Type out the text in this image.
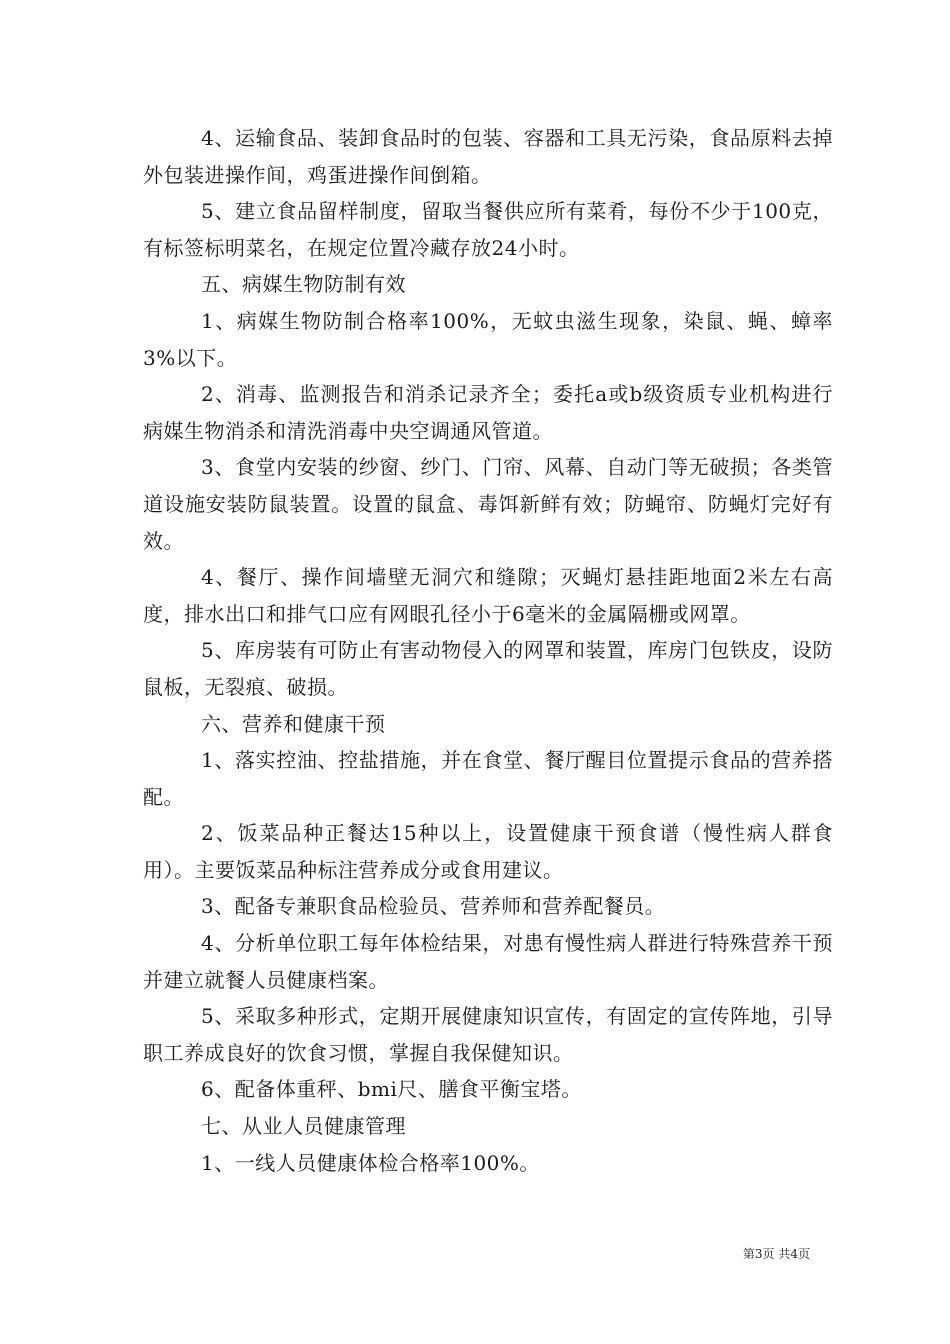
4、运输食品、装卸食品时的包装、容器和工具无污染，食品原料去掉外包装进操作间，鸡蛋进操作间倒箱。

5、建立食品留样制度，留取当餐供应所有菜肴，每份不少于100克，有标签标明菜名，在规定位置冷藏存放24小时。

五、病媒生物防制有效

1、病媒生物防制合格率100%，无蚊虫滋生现象，染鼠、蝇、蟑率3%以下。

2、消毒、监测报告和消杀记录齐全；委托a或b级资质专业机构进行病媒生物消杀和清洗消毒中央空调通风管道。

3、食堂内安装的纱窗、纱门、门帘、风幕、自动门等无破损；各类管道设施安装防鼠装置。设置的鼠盒、毒饵新鲜有效；防蝇帘、防蝇灯完好有效。

4、餐厅、操作间墙壁无洞穴和缝隙；灭蝇灯悬挂距地面2米左右高度，排水出口和排气口应有网眼孔径小于6毫米的金属隔栅或网罩。

5、库房装有可防止有害动物侵入的网罩和装置，库房门包铁皮，设防鼠板，无裂痕、破损。

六、营养和健康干预

1、落实控油、控盐措施，并在食堂、餐厅醒目位置提示食品的营养搭配。

2、饭菜品种正餐达15种以上，设置健康干预食谱（慢性病人群食用）。主要饭菜品种标注营养成分或食用建议。

3、配备专兼职食品检验员、营养师和营养配餐员。

4、分析单位职工每年体检结果，对患有慢性病人群进行特殊营养干预并建立就餐人员健康档案。

5、采取多种形式，定期开展健康知识宣传，有固定的宣传阵地，引导职工养成良好的饮食习惯，掌握自我保健知识。

6、配备体重秤、bmi尺、膳食平衡宝塔。

七、从业人员健康管理

1、一线人员健康体检合格率100%。

第3页 共4页
